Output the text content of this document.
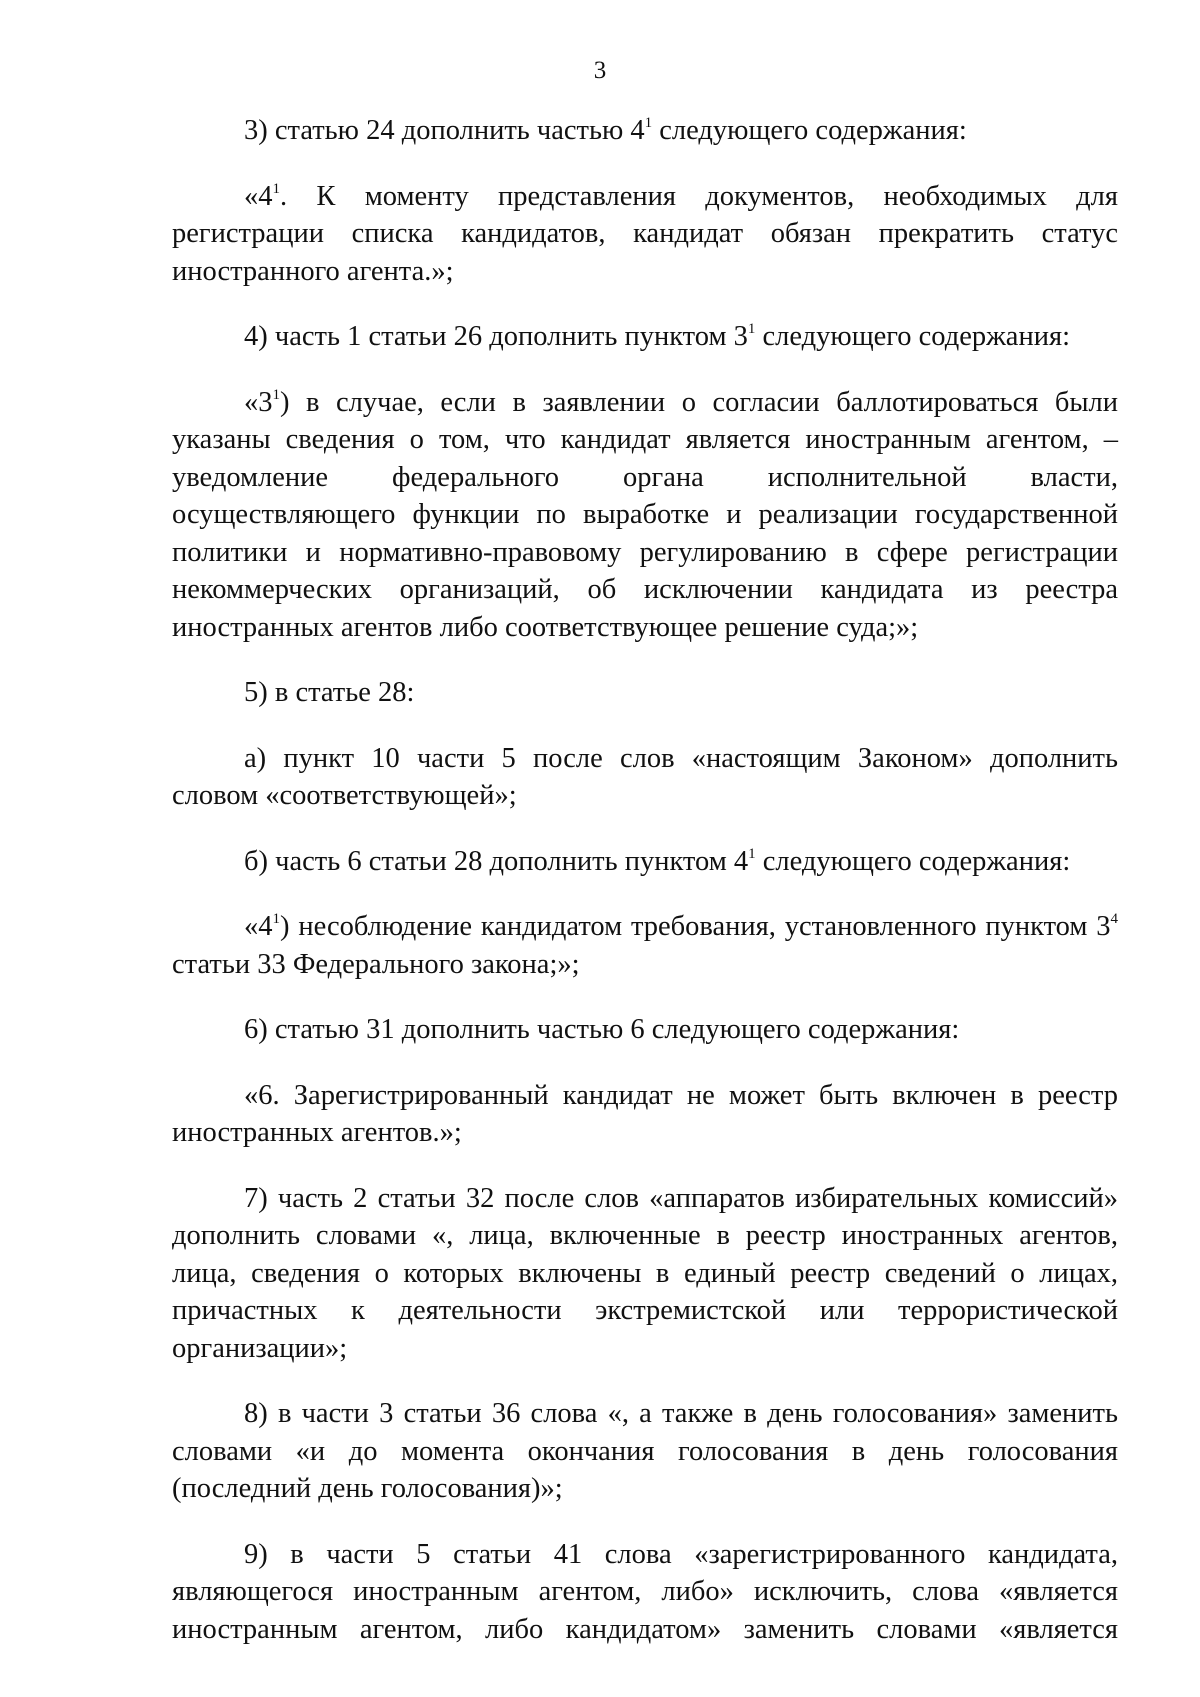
3

3) статью 24 дополнить частью $4^1$ следующего содержания:

«$4^1$. К моменту представления документов, необходимых для регистрации списка кандидатов, кандидат обязан прекратить статус иностранного агента.»;

4) часть 1 статьи 26 дополнить пунктом $3^1$ следующего содержания:

«$3^1$) в случае, если в заявлении о согласии баллотироваться были указаны сведения о том, что кандидат является иностранным агентом, – уведомление федерального органа исполнительной власти, осуществляющего функции по выработке и реализации государственной политики и нормативно-правовому регулированию в сфере регистрации некоммерческих организаций, об исключении кандидата из реестра иностранных агентов либо соответствующее решение суда;»;

5) в статье 28:

а) пункт 10 части 5 после слов «настоящим Законом» дополнить словом «соответствующей»;

б) часть 6 статьи 28 дополнить пунктом $4^1$ следующего содержания:

«$4^1$) несоблюдение кандидатом требования, установленного пунктом $3^4$ статьи 33 Федерального закона;»;

6) статью 31 дополнить частью 6 следующего содержания:

«6. Зарегистрированный кандидат не может быть включен в реестр иностранных агентов.»;

7) часть 2 статьи 32 после слов «аппаратов избирательных комиссий» дополнить словами «, лица, включенные в реестр иностранных агентов, лица, сведения о которых включены в единый реестр сведений о лицах, причастных к деятельности экстремистской или террористической организации»;

8) в части 3 статьи 36 слова «, а также в день голосования» заменить словами «и до момента окончания голосования в день голосования (последний день голосования)»;

9) в части 5 статьи 41 слова «зарегистрированного кандидата, являющегося иностранным агентом, либо» исключить, слова «является иностранным агентом, либо кандидатом» заменить словами «является
